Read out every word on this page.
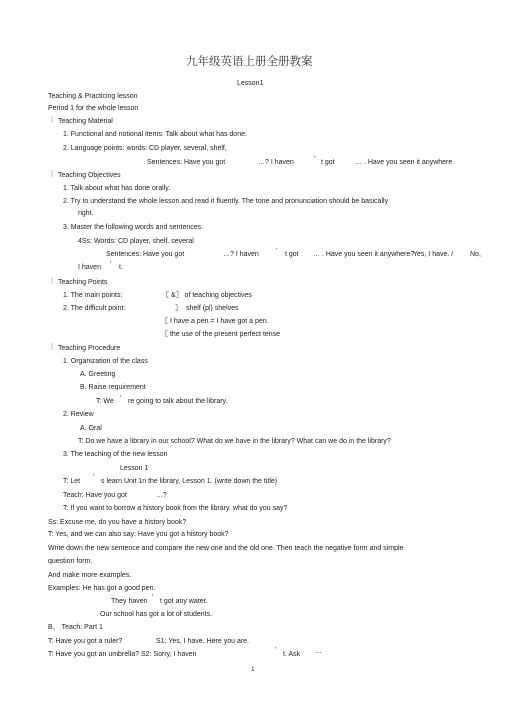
九年级英语上册全册教案
Lesson1
Teaching & Practicing lesson
Period 1 for the whole lesson
〖 Teaching Material
1. Functional and notional items: Talk about what has done.
2. Language points: words: CD player, several, shelf,
Sentences: Have you got	…? I haven	’ t got	… . Have you seen it anywhere
〖 Teaching Objectives
1. Talk about what has done orally.
2. Try to understand the whole lesson and read it fluently. The tone and pronunciation should be basically
right.
3. Master the following words and sentences.
4Ss: Words: CD player, shelf. several
Sentences: Have you got	…? I haven ’ t got … . Have you seen it anywhere?
Yes, I have. / No,
I haven ’ t.
〖 Teaching Points
1. The main points:	〖 &〗 of teaching objectives
2. The difficult point:	〗 shelf (pl) shelves
〖 I have a pen.= I have got a pen.
〖 the use of the present perfect tense
〖 Teaching Procedure
1. Organization of the class
A. Greeting
B. Raise requirement
T: We ’ re going to talk about the library.
2. Review
A. Oral
T: Do we have a library in our school? What do we have in the library? What can we do in the library?
3. The teaching of the new lesson
Lesson 1
T: Let
’
s learn Unit 1n the library, Lesson 1. (write down the title)
Teach: Have you got	…?
T: If you want to borrow a history book from the library. what do you say?
Ss: Excuse me, do you have a history book?
T: Yes, and we can also say: Have you got a history book?
Write down the new sentence and compare the new one and the old one. Then teach the negative form and simple
question form.
And make more examples.
Examples: He has got a good pen.
They haven
’
t got any water.
Our school has got a lot of students.
B、 Teach: Part 1
T: Have you got a ruler?	S1: Yes, I have. Here you are.
T: Have you got an umbrella? S2: Sorry, I haven
’
t. Ask …
1
